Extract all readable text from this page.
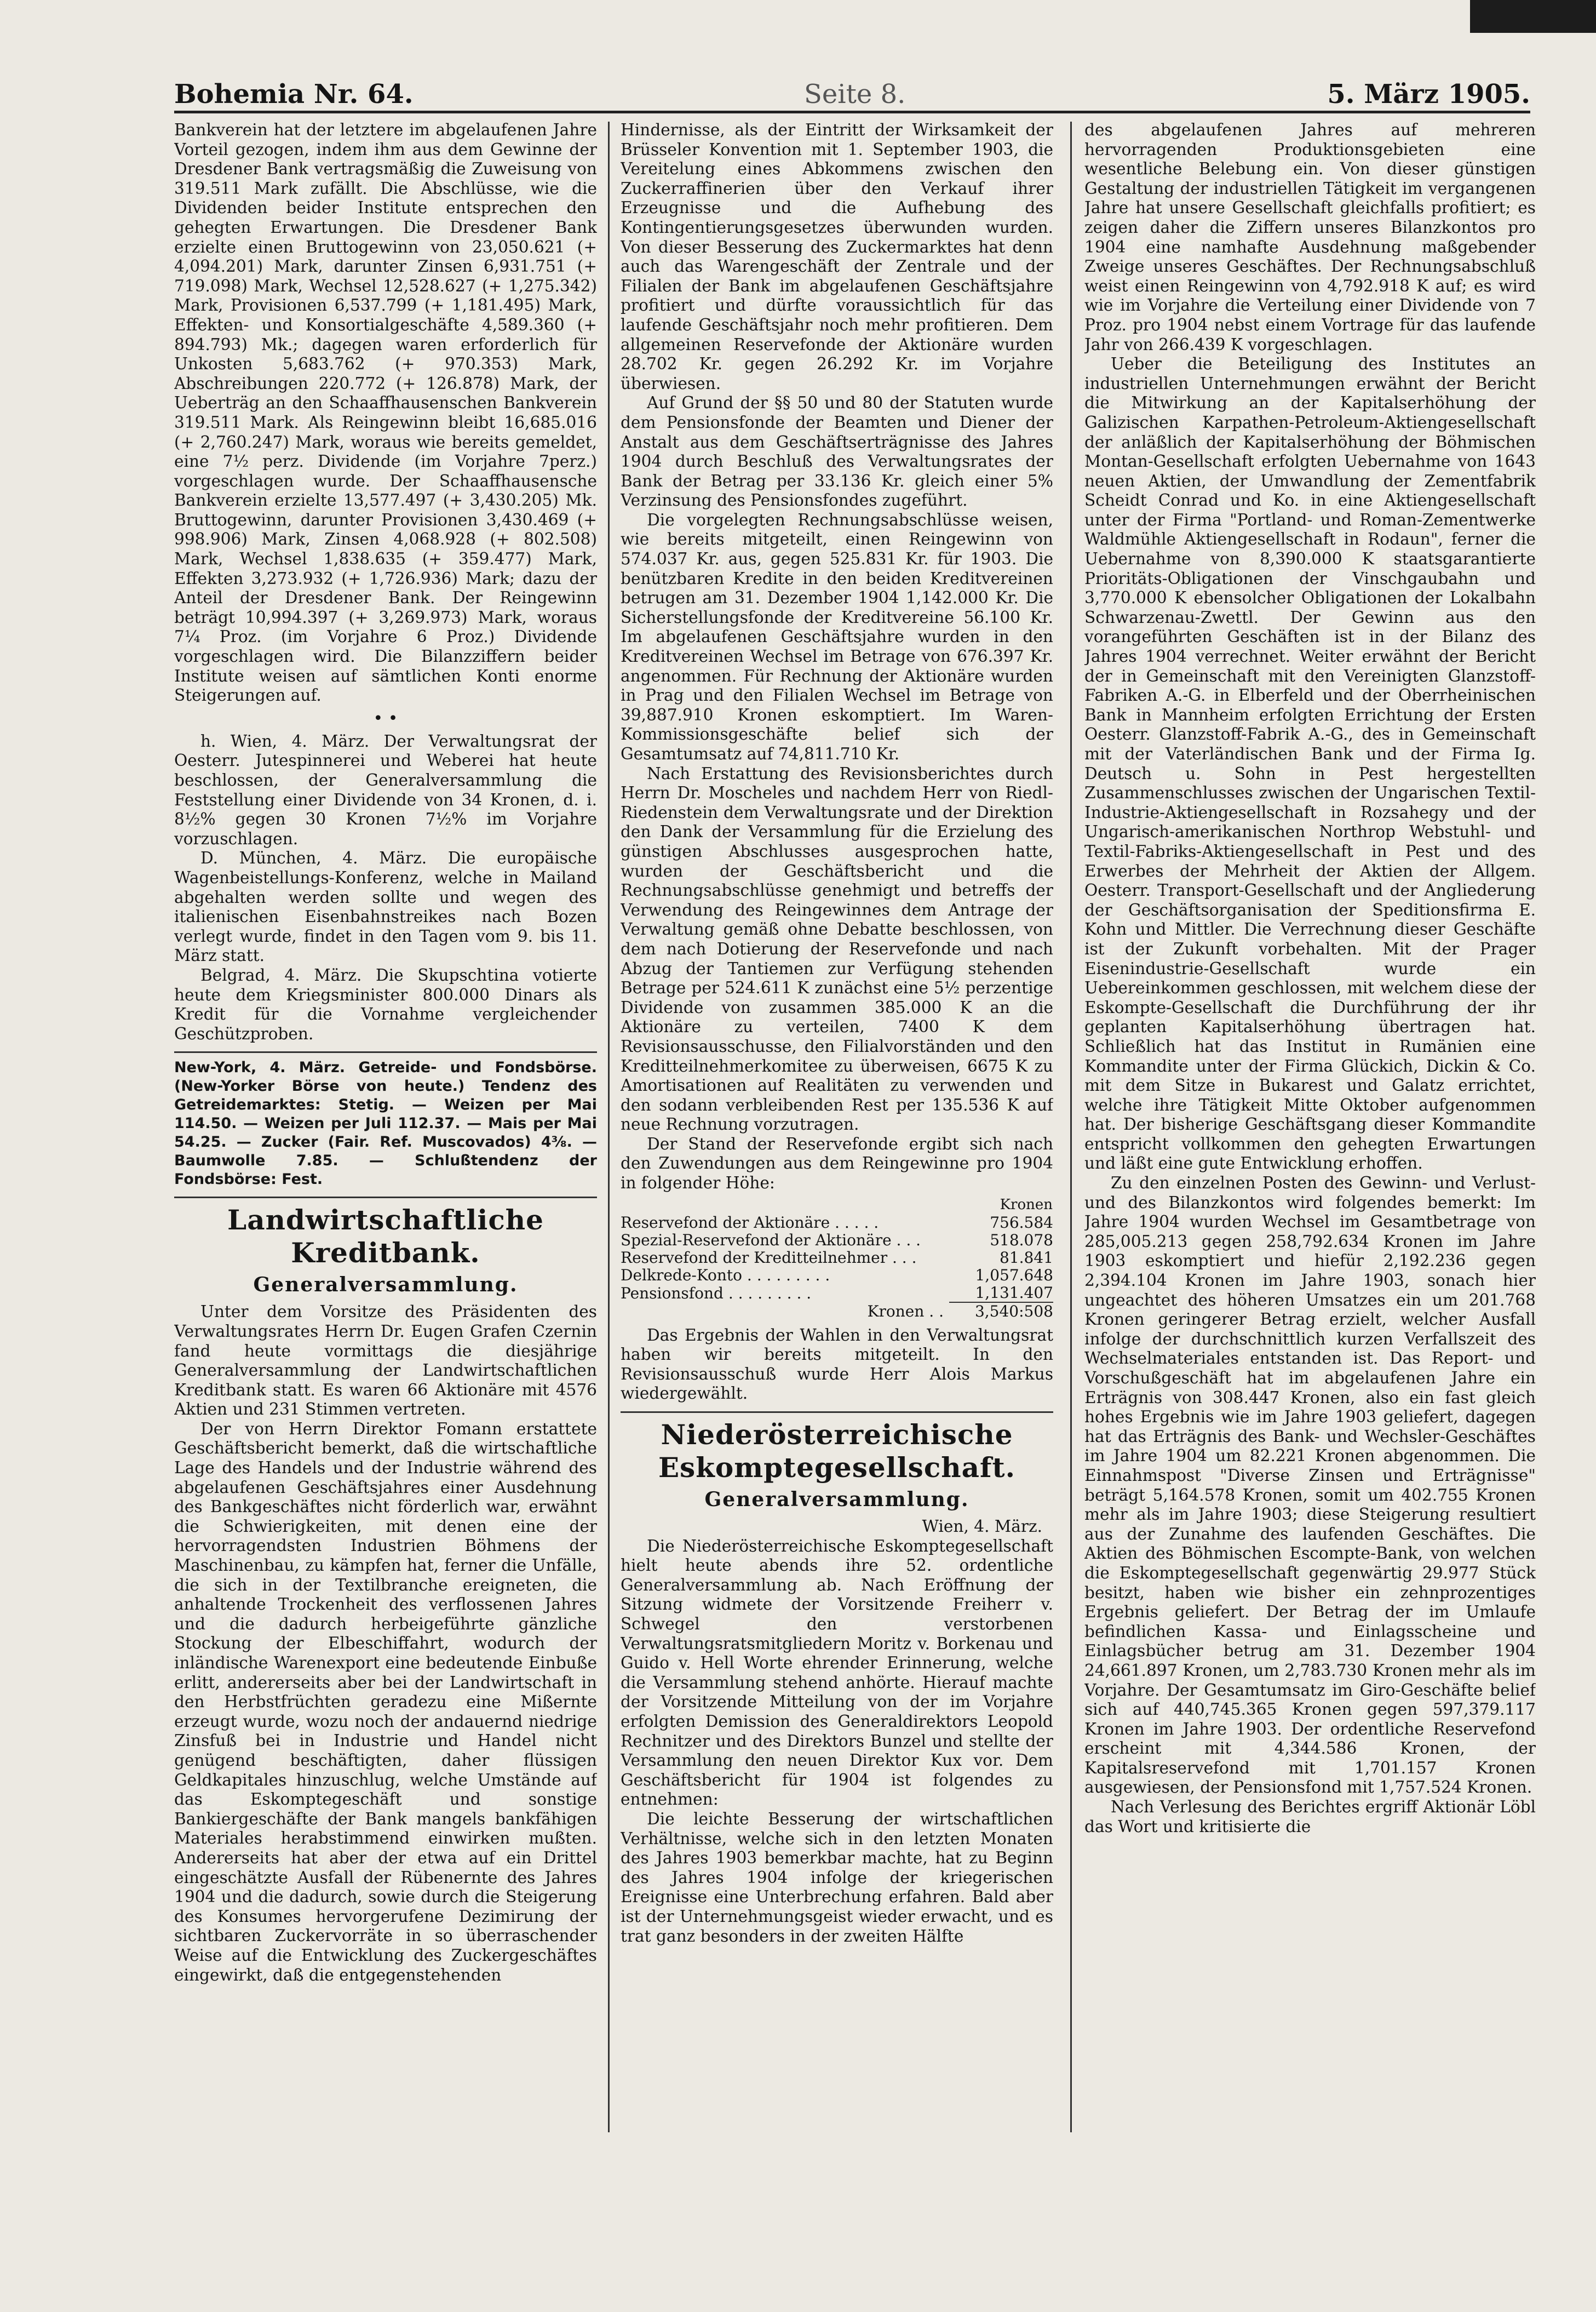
Bohemia Nr. 64.	Seite 8.	5. März 1905.

Bankverein hat der letztere im abgelaufenen Jahre Vorteil gezogen, indem ihm aus dem Gewinne der Dresdener Bank vertragsmäßig die Zuweisung von 319.511 Mark zufällt. Die Abschlüsse, wie die Dividenden beider Institute entsprechen den gehegten Erwartungen. Die Dresdener Bank erzielte einen Bruttogewinn von 23,050.621 (+ 4,094.201) Mark, darunter Zinsen 6,931.751 (+ 719.098) Mark, Wechsel 12,528.627 (+ 1,275.342) Mark, Provisionen 6,537.799 (+ 1,181.495) Mark, Effekten- und Konsortialgeschäfte 4,589.360 (+ 894.793) Mk.; dagegen waren erforderlich für Unkosten 5,683.762 (+ 970.353) Mark, Abschreibungen 220.772 (+ 126.878) Mark, der Ueberträg an den Schaaffhausenschen Bankverein 319.511 Mark. Als Reingewinn bleibt 16,685.016 (+ 2,760.247) Mark, woraus wie bereits gemeldet, eine 7½ perz. Dividende (im Vorjahre 7perz.) vorgeschlagen wurde. Der Schaaffhausensche Bankverein erzielte 13,577.497 (+ 3,430.205) Mk. Bruttogewinn, darunter Provisionen 3,430.469 (+ 998.906) Mark, Zinsen 4,068.928 (+ 802.508) Mark, Wechsel 1,838.635 (+ 359.477) Mark, Effekten 3,273.932 (+ 1,726.936) Mark; dazu der Anteil der Dresdener Bank. Der Reingewinn beträgt 10,994.397 (+ 3,269.973) Mark, woraus 7¼ Proz. (im Vorjahre 6 Proz.) Dividende vorgeschlagen wird. Die Bilanzziffern beider Institute weisen auf sämtlichen Konti enorme Steigerungen auf.

• •

h. Wien, 4. März. Der Verwaltungsrat der Oesterr. Jutespinnerei und Weberei hat heute beschlossen, der Generalversammlung die Feststellung einer Dividende von 34 Kronen, d. i. 8½% gegen 30 Kronen 7½% im Vorjahre vorzuschlagen.

D. München, 4. März. Die europäische Wagenbeistellungs-Konferenz, welche in Mailand abgehalten werden sollte und wegen des italienischen Eisenbahnstreikes nach Bozen verlegt wurde, findet in den Tagen vom 9. bis 11. März statt.

Belgrad, 4. März. Die Skupschtina votierte heute dem Kriegsminister 800.000 Dinars als Kredit für die Vornahme vergleichender Geschützproben.

New-York, 4. März. Getreide- und Fondsbörse. (New-Yorker Börse von heute.) Tendenz des Getreidemarktes: Stetig. — Weizen per Mai 114.50. — Weizen per Juli 112.37. — Mais per Mai 54.25. — Zucker (Fair. Ref. Muscovados) 4⅜. — Baumwolle 7.85. — Schlußtendenz der Fondsbörse: Fest.

Landwirtschaftliche Kreditbank.
Generalversammlung.

Unter dem Vorsitze des Präsidenten des Verwaltungsrates Herrn Dr. Eugen Grafen Czernin fand heute vormittags die diesjährige Generalversammlung der Landwirtschaftlichen Kreditbank statt. Es waren 66 Aktionäre mit 4576 Aktien und 231 Stimmen vertreten.

Der von Herrn Direktor Fomann erstattete Geschäftsbericht bemerkt, daß die wirtschaftliche Lage des Handels und der Industrie während des abgelaufenen Geschäftsjahres einer Ausdehnung des Bankgeschäftes nicht förderlich war, erwähnt die Schwierigkeiten, mit denen eine der hervorragendsten Industrien Böhmens der Maschinenbau, zu kämpfen hat, ferner die Unfälle, die sich in der Textilbranche ereigneten, die anhaltende Trockenheit des verflossenen Jahres und die dadurch herbeigeführte gänzliche Stockung der Elbeschiffahrt, wodurch der inländische Warenexport eine bedeutende Einbuße erlitt, andererseits aber bei der Landwirtschaft in den Herbstfrüchten geradezu eine Mißernte erzeugt wurde, wozu noch der andauernd niedrige Zinsfuß bei in Industrie und Handel nicht genügend beschäftigten, daher flüssigen Geldkapitales hinzuschlug, welche Umstände auf das Eskomptegeschäft und sonstige Bankiergeschäfte der Bank mangels bankfähigen Materiales herabstimmend einwirken mußten. Andererseits hat aber der etwa auf ein Drittel eingeschätzte Ausfall der Rübenernte des Jahres 1904 und die dadurch, sowie durch die Steigerung des Konsumes hervorgerufene Dezimirung der sichtbaren Zuckervorräte in so überraschender Weise auf die Entwicklung des Zuckergeschäftes eingewirkt, daß die entgegenstehenden

Hindernisse, als der Eintritt der Wirksamkeit der Brüsseler Konvention mit 1. September 1903, die Vereitelung eines Abkommens zwischen den Zuckerraffinerien über den Verkauf ihrer Erzeugnisse und die Aufhebung des Kontingentierungsgesetzes überwunden wurden. Von dieser Besserung des Zuckermarktes hat denn auch das Warengeschäft der Zentrale und der Filialen der Bank im abgelaufenen Geschäftsjahre profitiert und dürfte voraussichtlich für das laufende Geschäftsjahr noch mehr profitieren. Dem allgemeinen Reservefonde der Aktionäre wurden 28.702 Kr. gegen 26.292 Kr. im Vorjahre überwiesen.

Auf Grund der §§ 50 und 80 der Statuten wurde dem Pensionsfonde der Beamten und Diener der Anstalt aus dem Geschäftserträgnisse des Jahres 1904 durch Beschluß des Verwaltungsrates der Bank der Betrag per 33.136 Kr. gleich einer 5% Verzinsung des Pensionsfondes zugeführt.

Die vorgelegten Rechnungsabschlüsse weisen, wie bereits mitgeteilt, einen Reingewinn von 574.037 Kr. aus, gegen 525.831 Kr. für 1903. Die benützbaren Kredite in den beiden Kreditvereinen betrugen am 31. Dezember 1904 1,142.000 Kr. Die Sicherstellungsfonde der Kreditvereine 56.100 Kr. Im abgelaufenen Geschäftsjahre wurden in den Kreditvereinen Wechsel im Betrage von 676.397 Kr. angenommen. Für Rechnung der Aktionäre wurden in Prag und den Filialen Wechsel im Betrage von 39,887.910 Kronen eskomptiert. Im Waren-Kommissionsgeschäfte belief sich der Gesamtumsatz auf 74,811.710 Kr.

Nach Erstattung des Revisionsberichtes durch Herrn Dr. Moscheles und nachdem Herr von Riedl-Riedenstein dem Verwaltungsrate und der Direktion den Dank der Versammlung für die Erzielung des günstigen Abschlusses ausgesprochen hatte, wurden der Geschäftsbericht und die Rechnungsabschlüsse genehmigt und betreffs der Verwendung des Reingewinnes dem Antrage der Verwaltung gemäß ohne Debatte beschlossen, von dem nach Dotierung der Reservefonde und nach Abzug der Tantiemen zur Verfügung stehenden Betrage per 524.611 K zunächst eine 5½ perzentige Dividende von zusammen 385.000 K an die Aktionäre zu verteilen, 7400 K dem Revisionsausschusse, den Filialvorständen und den Kreditteilnehmerkomitee zu überweisen, 6675 K zu Amortisationen auf Realitäten zu verwenden und den sodann verbleibenden Rest per 135.536 K auf neue Rechnung vorzutragen.

Der Stand der Reservefonde ergibt sich nach den Zuwendungen aus dem Reingewinne pro 1904 in folgender Höhe:

	Kronen
Reservefond der Aktionäre . . . . .	756.584
Spezial-Reservefond der Aktionäre . . .	518.078
Reservefond der Kreditteilnehmer . . .	81.841
Delkrede-Konto . . . . . . . . .	1,057.648
Pensionsfond . . . . . . . . .	1,131.407
Kronen . .	3,540:508

Das Ergebnis der Wahlen in den Verwaltungsrat haben wir bereits mitgeteilt. In den Revisionsausschuß wurde Herr Alois Markus wiedergewählt.

Niederösterreichische Eskomptegesellschaft.
Generalversammlung.

Wien, 4. März.

Die Niederösterreichische Eskomptegesellschaft hielt heute abends ihre 52. ordentliche Generalversammlung ab. Nach Eröffnung der Sitzung widmete der Vorsitzende Freiherr v. Schwegel den verstorbenen Verwaltungsratsmitgliedern Moritz v. Borkenau und Guido v. Hell Worte ehrender Erinnerung, welche die Versammlung stehend anhörte. Hierauf machte der Vorsitzende Mitteilung von der im Vorjahre erfolgten Demission des Generaldirektors Leopold Rechnitzer und des Direktors Bunzel und stellte der Versammlung den neuen Direktor Kux vor. Dem Geschäftsbericht für 1904 ist folgendes zu entnehmen:

Die leichte Besserung der wirtschaftlichen Verhältnisse, welche sich in den letzten Monaten des Jahres 1903 bemerkbar machte, hat zu Beginn des Jahres 1904 infolge der kriegerischen Ereignisse eine Unterbrechung erfahren. Bald aber ist der Unternehmungsgeist wieder erwacht, und es trat ganz besonders in der zweiten Hälfte

des abgelaufenen Jahres auf mehreren hervorragenden Produktionsgebieten eine wesentliche Belebung ein. Von dieser günstigen Gestaltung der industriellen Tätigkeit im vergangenen Jahre hat unsere Gesellschaft gleichfalls profitiert; es zeigen daher die Ziffern unseres Bilanzkontos pro 1904 eine namhafte Ausdehnung maßgebender Zweige unseres Geschäftes. Der Rechnungsabschluß weist einen Reingewinn von 4,792.918 K auf; es wird wie im Vorjahre die Verteilung einer Dividende von 7 Proz. pro 1904 nebst einem Vortrage für das laufende Jahr von 266.439 K vorgeschlagen.

Ueber die Beteiligung des Institutes an industriellen Unternehmungen erwähnt der Bericht die Mitwirkung an der Kapitalserhöhung der Galizischen Karpathen-Petroleum-Aktiengesellschaft der anläßlich der Kapitalserhöhung der Böhmischen Montan-Gesellschaft erfolgten Uebernahme von 1643 neuen Aktien, der Umwandlung der Zementfabrik Scheidt Conrad und Ko. in eine Aktiengesellschaft unter der Firma "Portland- und Roman-Zementwerke Waldmühle Aktiengesellschaft in Rodaun", ferner die Uebernahme von 8,390.000 K staatsgarantierte Prioritäts-Obligationen der Vinschgaubahn und 3,770.000 K ebensolcher Obligationen der Lokalbahn Schwarzenau-Zwettl. Der Gewinn aus den vorangeführten Geschäften ist in der Bilanz des Jahres 1904 verrechnet. Weiter erwähnt der Bericht der in Gemeinschaft mit den Vereinigten Glanzstoff-Fabriken A.-G. in Elberfeld und der Oberrheinischen Bank in Mannheim erfolgten Errichtung der Ersten Oesterr. Glanzstoff-Fabrik A.-G., des in Gemeinschaft mit der Vaterländischen Bank und der Firma Ig. Deutsch u. Sohn in Pest hergestellten Zusammenschlusses zwischen der Ungarischen Textil-Industrie-Aktiengesellschaft in Rozsahegy und der Ungarisch-amerikanischen Northrop Webstuhl- und Textil-Fabriks-Aktiengesellschaft in Pest und des Erwerbes der Mehrheit der Aktien der Allgem. Oesterr. Transport-Gesellschaft und der Angliederung der Geschäftsorganisation der Speditionsfirma E. Kohn und Mittler. Die Verrechnung dieser Geschäfte ist der Zukunft vorbehalten. Mit der Prager Eisenindustrie-Gesellschaft wurde ein Uebereinkommen geschlossen, mit welchem diese der Eskompte-Gesellschaft die Durchführung der ihr geplanten Kapitalserhöhung übertragen hat. Schließlich hat das Institut in Rumänien eine Kommandite unter der Firma Glückich, Dickin & Co. mit dem Sitze in Bukarest und Galatz errichtet, welche ihre Tätigkeit Mitte Oktober aufgenommen hat. Der bisherige Geschäftsgang dieser Kommandite entspricht vollkommen den gehegten Erwartungen und läßt eine gute Entwicklung erhoffen.

Zu den einzelnen Posten des Gewinn- und Verlust- und des Bilanzkontos wird folgendes bemerkt: Im Jahre 1904 wurden Wechsel im Gesamtbetrage von 285,005.213 gegen 258,792.634 Kronen im Jahre 1903 eskomptiert und hiefür 2,192.236 gegen 2,394.104 Kronen im Jahre 1903, sonach hier ungeachtet des höheren Umsatzes ein um 201.768 Kronen geringerer Betrag erzielt, welcher Ausfall infolge der durchschnittlich kurzen Verfallszeit des Wechselmateriales entstanden ist. Das Report- und Vorschußgeschäft hat im abgelaufenen Jahre ein Erträgnis von 308.447 Kronen, also ein fast gleich hohes Ergebnis wie im Jahre 1903 geliefert, dagegen hat das Erträgnis des Bank- und Wechsler-Geschäftes im Jahre 1904 um 82.221 Kronen abgenommen. Die Einnahmspost "Diverse Zinsen und Erträgnisse" beträgt 5,164.578 Kronen, somit um 402.755 Kronen mehr als im Jahre 1903; diese Steigerung resultiert aus der Zunahme des laufenden Geschäftes. Die Aktien des Böhmischen Escompte-Bank, von welchen die Eskomptegesellschaft gegenwärtig 29.977 Stück besitzt, haben wie bisher ein zehnprozentiges Ergebnis geliefert. Der Betrag der im Umlaufe befindlichen Kassa- und Einlagsscheine und Einlagsbücher betrug am 31. Dezember 1904 24,661.897 Kronen, um 2,783.730 Kronen mehr als im Vorjahre. Der Gesamtumsatz im Giro-Geschäfte belief sich auf 440,745.365 Kronen gegen 597,379.117 Kronen im Jahre 1903. Der ordentliche Reservefond erscheint mit 4,344.586 Kronen, der Kapitalsreservefond mit 1,701.157 Kronen ausgewiesen, der Pensionsfond mit 1,757.524 Kronen.

Nach Verlesung des Berichtes ergriff Aktionär Löbl das Wort und kritisierte die
